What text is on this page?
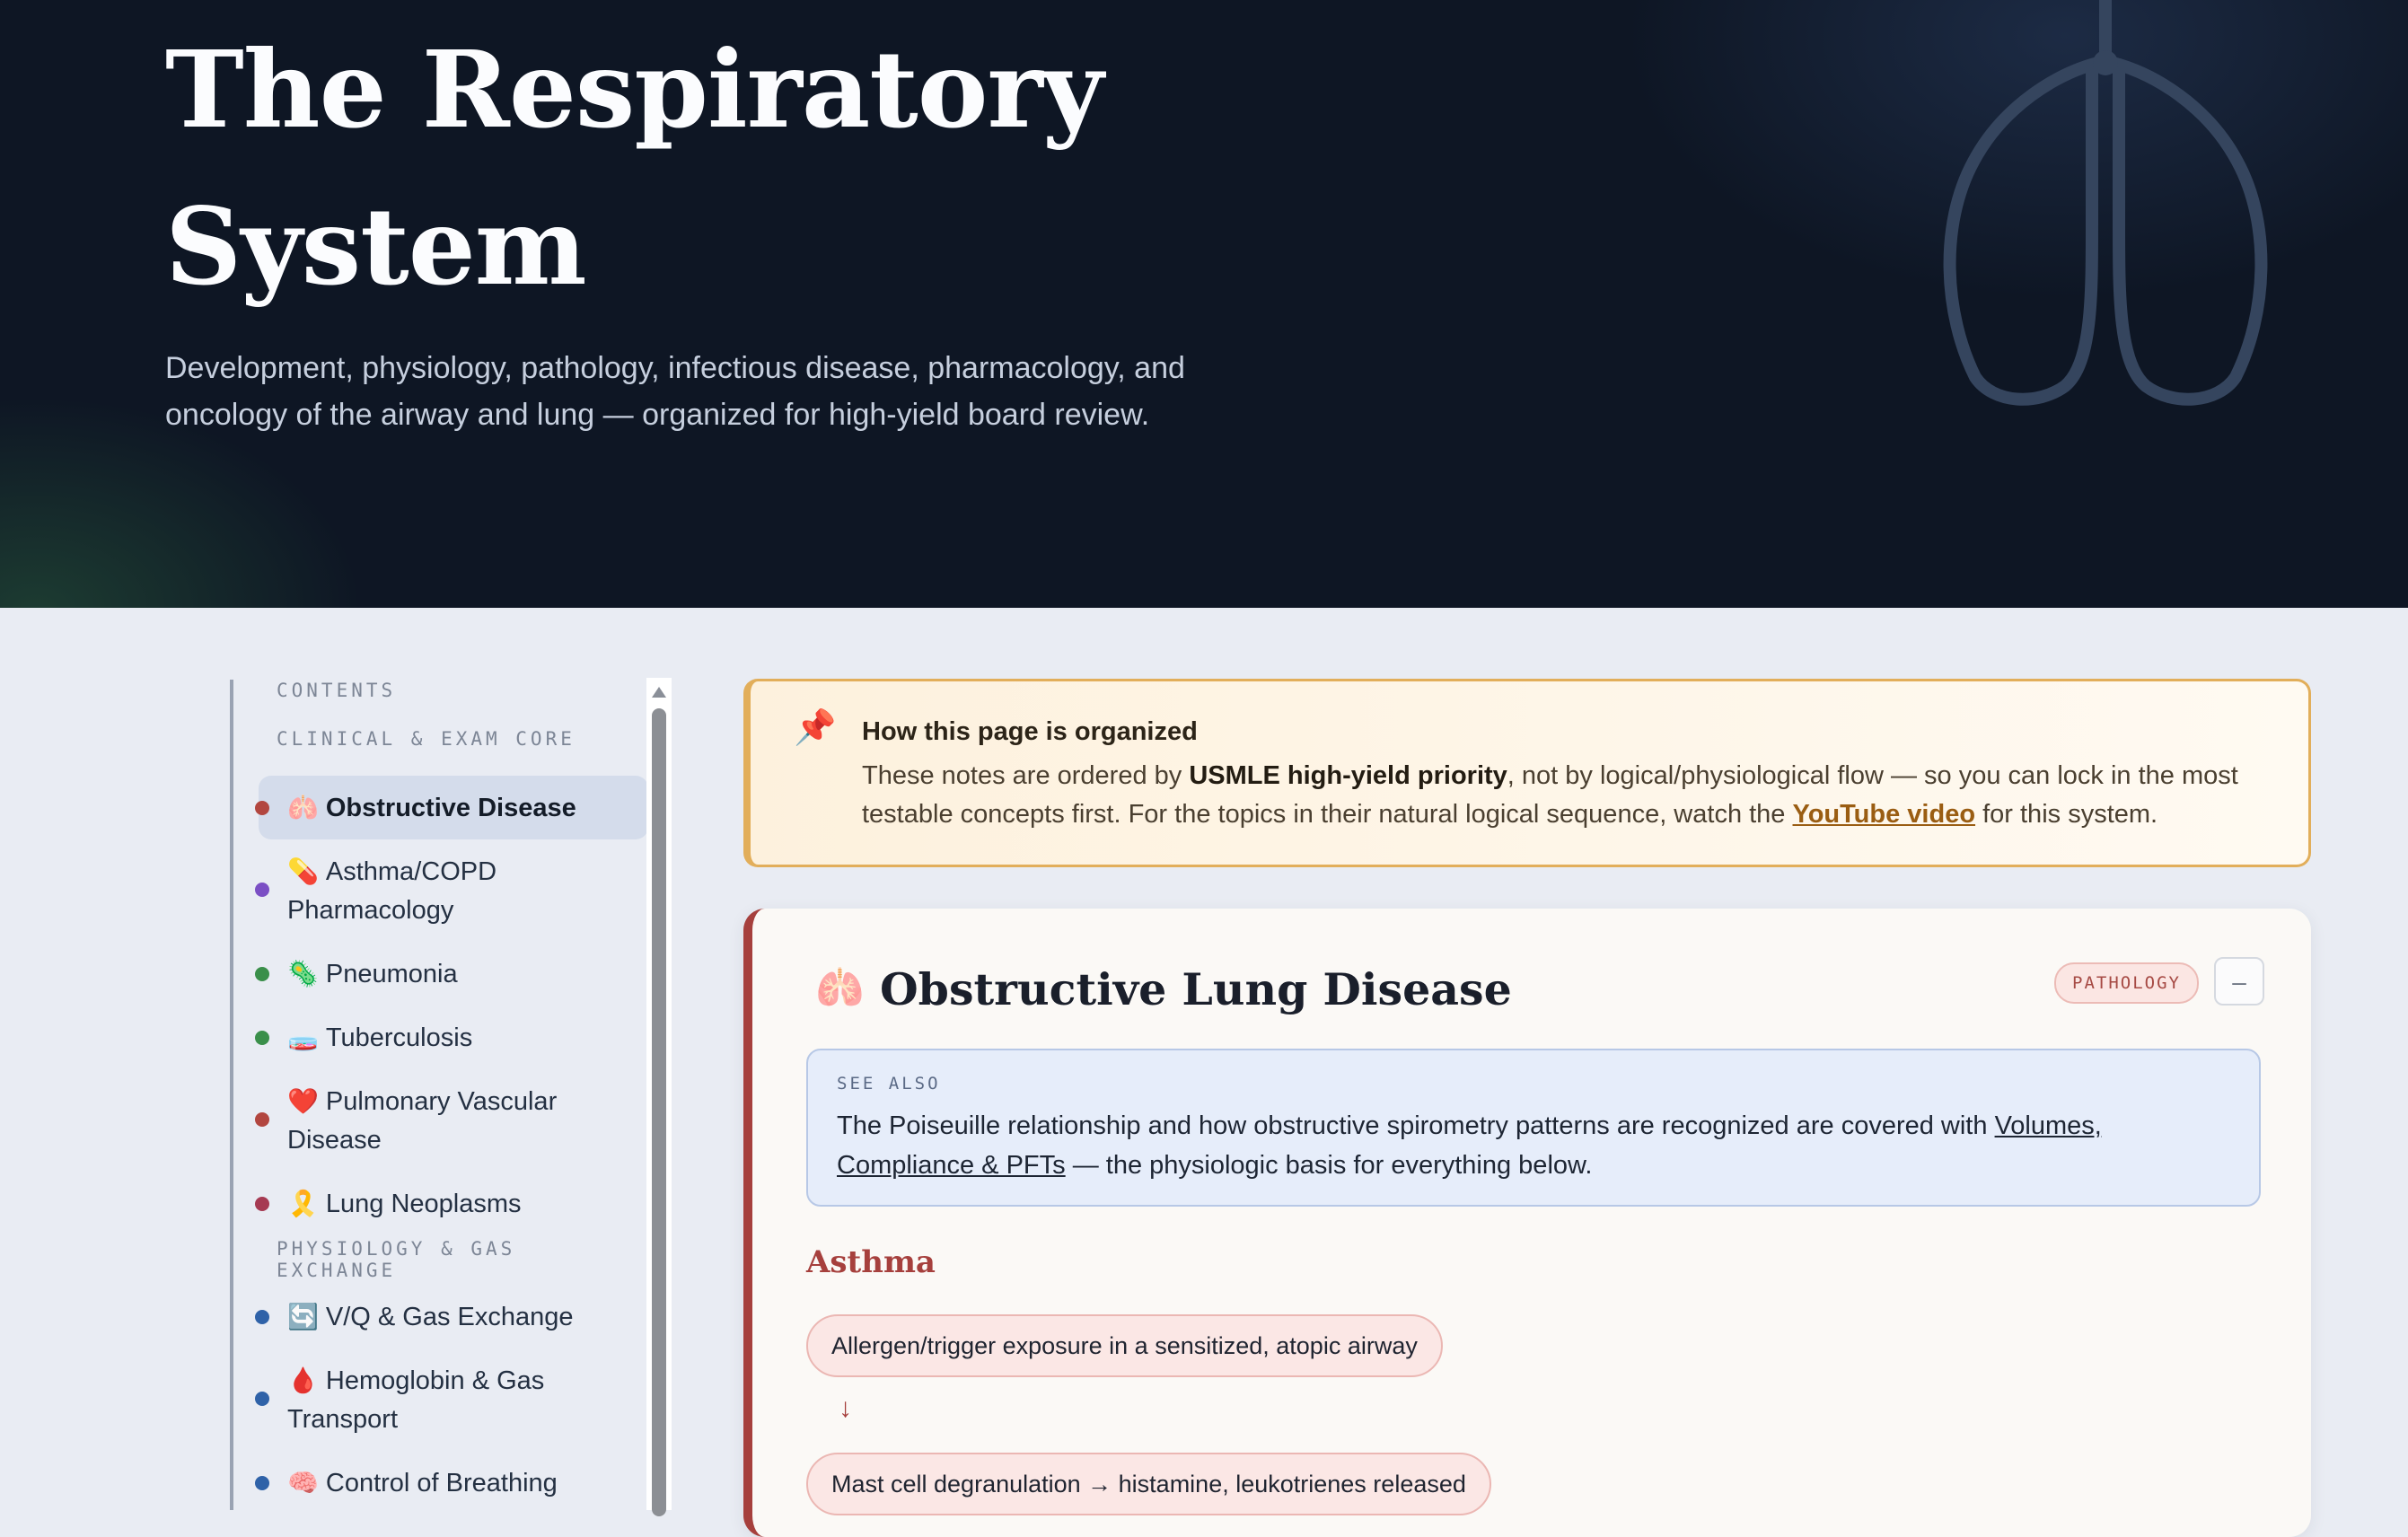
The Respiratory System

Development, physiology, pathology, infectious disease, pharmacology, and oncology of the airway and lung — organized for high-yield board review.

CONTENTS
CLINICAL & EXAM CORE
🫁 Obstructive Disease
💊 Asthma/COPD Pharmacology
🦠 Pneumonia
🧫 Tuberculosis
❤️ Pulmonary Vascular Disease
🎗️ Lung Neoplasms
PHYSIOLOGY & GAS EXCHANGE
🔄 V/Q & Gas Exchange
🩸 Hemoglobin & Gas Transport
🧠 Control of Breathing
📌 How this page is organized
These notes are ordered by USMLE high-yield priority, not by logical/physiological flow — so you can lock in the most testable concepts first. For the topics in their natural logical sequence, watch the YouTube video for this system.
🫁 Obstructive Lung Disease	PATHOLOGY	–
SEE ALSO
The Poiseuille relationship and how obstructive spirometry patterns are recognized are covered with Volumes, Compliance & PFTs — the physiologic basis for everything below.
Asthma
Allergen/trigger exposure in a sensitized, atopic airway
↓
Mast cell degranulation → histamine, leukotrienes released
